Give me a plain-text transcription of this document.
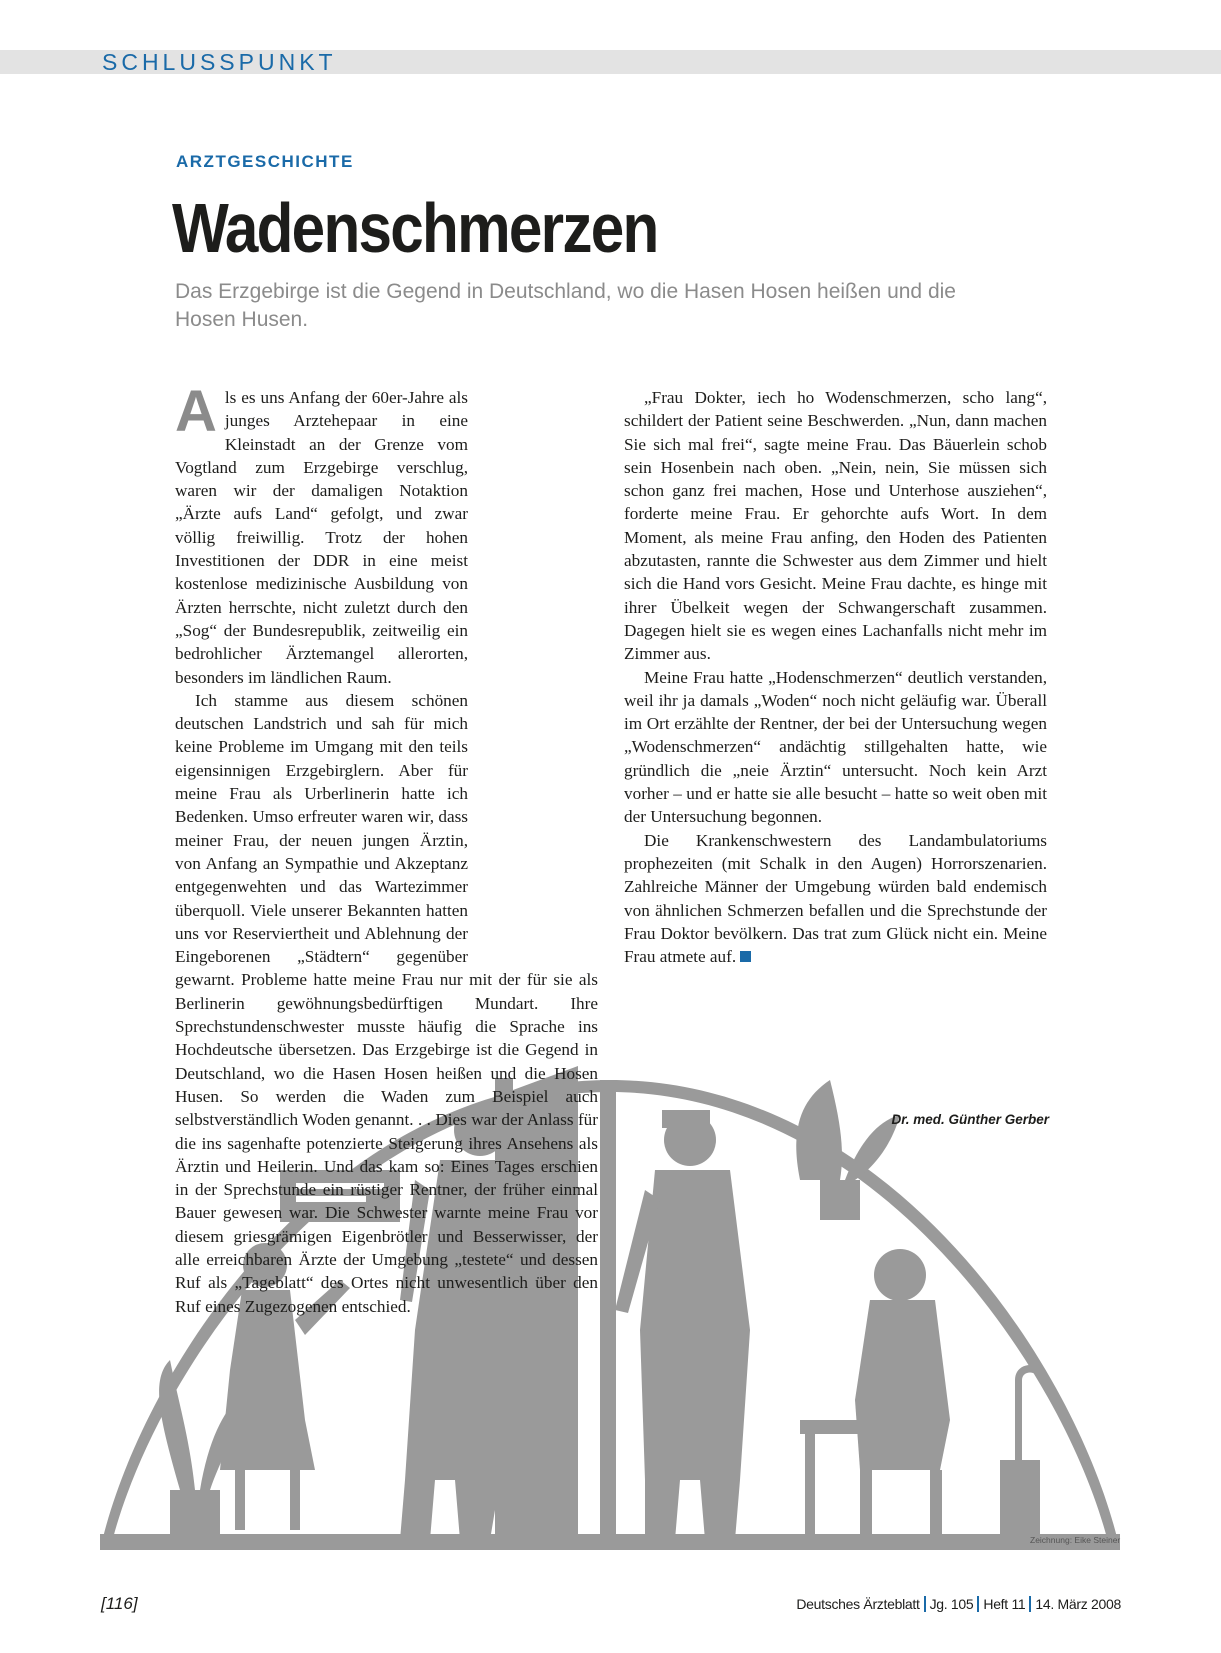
SCHLUSSPUNKT
ARZTGESCHICHTE
Wadenschmerzen
Das Erzgebirge ist die Gegend in Deutschland, wo die Hasen Hosen heißen und die Hosen Husen.

Als es uns Anfang der 60er-Jahre als junges Arztehepaar in eine Kleinstadt an der Grenze vom Vogtland zum Erzgebirge verschlug, waren wir der damaligen Notaktion „Ärzte aufs Land“ gefolgt, und zwar völlig freiwillig. Trotz der hohen Investitionen der DDR in eine meist kostenlose medizinische Ausbildung von Ärzten herrschte, nicht zuletzt durch den „Sog“ der Bundesrepublik, zeitweilig ein bedrohlicher Ärztemangel allerorten, besonders im ländlichen Raum.

Ich stamme aus diesem schönen deutschen Landstrich und sah für mich keine Probleme im Umgang mit den teils eigensinnigen Erzgebirglern. Aber für meine Frau als Urberlinerin hatte ich Bedenken. Umso erfreuter waren wir, dass meiner Frau, der neuen jungen Ärztin, von Anfang an Sympathie und Akzeptanz entgegenwehten und das Wartezimmer überquoll. Viele unserer Bekannten hatten uns vor Reserviertheit und Ablehnung der Eingeborenen „Städtern“ gegenüber gewarnt. Probleme hatte meine Frau nur mit der für sie als Berlinerin gewöhnungsbedürftigen Mundart. Ihre Sprechstundenschwester musste häufig die Sprache ins Hochdeutsche übersetzen. Das Erzgebirge ist die Gegend in Deutschland, wo die Hasen Hosen heißen und die Hosen Husen. So werden die Waden zum Beispiel auch selbstverständlich Woden genannt. . . Dies war der Anlass für die ins sagenhafte potenzierte Steigerung ihres Ansehens als Ärztin und Heilerin. Und das kam so: Eines Tages erschien in der Sprechstunde ein rüstiger Rentner, der früher einmal Bauer gewesen war. Die Schwester warnte meine Frau vor diesem griesgrämigen Eigenbrötler und Besserwisser, der alle erreichbaren Ärzte der Umgebung „testete“ und dessen Ruf als „Tageblatt“ des Ortes nicht unwesentlich über den Ruf eines Zugezogenen entschied.

„Frau Dokter, iech ho Wodenschmerzen, scho lang“, schildert der Patient seine Beschwerden. „Nun, dann machen Sie sich mal frei“, sagte meine Frau. Das Bäuerlein schob sein Hosenbein nach oben. „Nein, nein, Sie müssen sich schon ganz frei machen, Hose und Unterhose ausziehen“, forderte meine Frau. Er gehorchte aufs Wort. In dem Moment, als meine Frau anfing, den Hoden des Patienten abzutasten, rannte die Schwester aus dem Zimmer und hielt sich die Hand vors Gesicht. Meine Frau dachte, es hinge mit ihrer Übelkeit wegen der Schwangerschaft zusammen. Dagegen hielt sie es wegen eines Lachanfalls nicht mehr im Zimmer aus.

Meine Frau hatte „Hodenschmerzen“ deutlich verstanden, weil ihr ja damals „Woden“ noch nicht geläufig war. Überall im Ort erzählte der Rentner, der bei der Untersuchung wegen „Wodenschmerzen“ andächtig stillgehalten hatte, wie gründlich die „neie Ärztin“ untersucht. Noch kein Arzt vorher – und er hatte sie alle besucht – hatte so weit oben mit der Untersuchung begonnen.

Die Krankenschwestern des Landambulatoriums prophezeiten (mit Schalk in den Augen) Horrorszenarien. Zahlreiche Männer der Umgebung würden bald endemisch von ähnlichen Schmerzen befallen und die Sprechstunde der Frau Doktor bevölkern. Das trat zum Glück nicht ein. Meine Frau atmete auf.

Dr. med. Günther Gerber
Zeichnung: Eike Steiner
[116]	Deutsches Ärzteblatt Jg. 105 Heft 11 14. März 2008
